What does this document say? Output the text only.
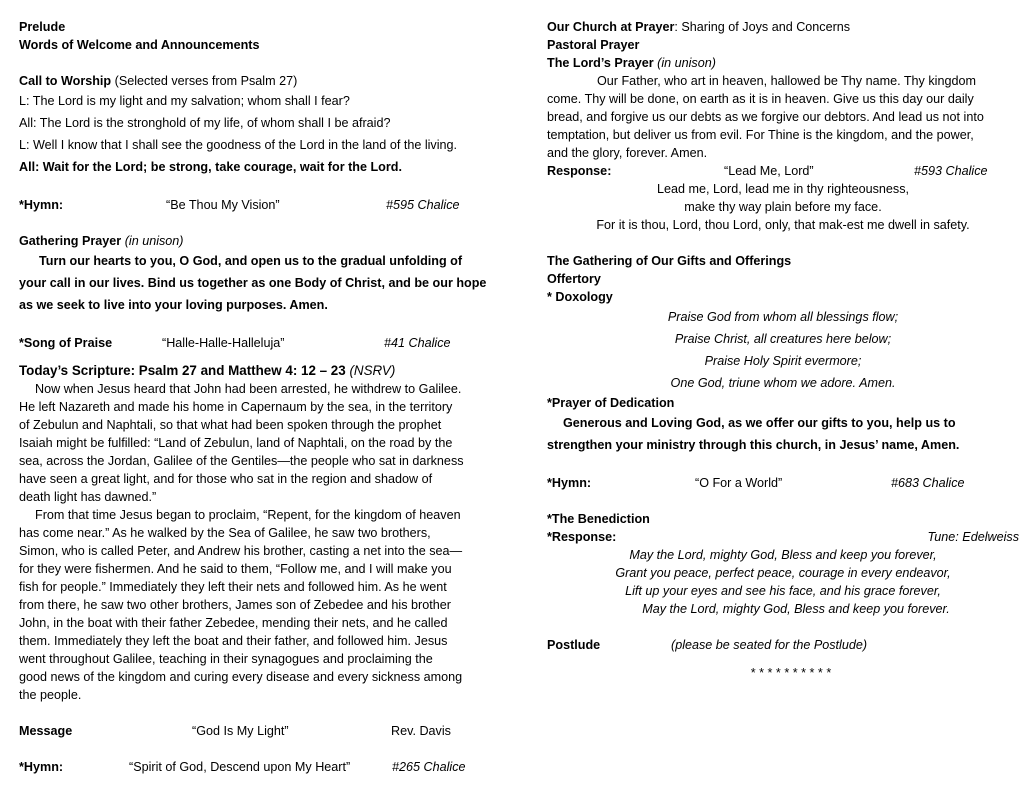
Prelude
Words of Welcome and Announcements
Call to Worship (Selected verses from Psalm 27)
L: The Lord is my light and my salvation; whom shall I fear?
All: The Lord is the stronghold of my life, of whom shall I be afraid?
L: Well I know that I shall see the goodness of the Lord in the land of the living.
All: Wait for the Lord; be strong, take courage, wait for the Lord.
*Hymn:	“Be Thou My Vision”	#595 Chalice
Gathering Prayer (in unison)
Turn our hearts to you, O God, and open us to the gradual unfolding of
your call in our lives. Bind us together as one Body of Christ, and be our hope
as we seek to live into your loving purposes. Amen.
*Song of Praise	“Halle-Halle-Halleluja”	#41 Chalice
Today’s Scripture: Psalm 27 and Matthew 4: 12 – 23 (NSRV)
Now when Jesus heard that John had been arrested, he withdrew to Galilee.
He left Nazareth and made his home in Capernaum by the sea, in the territory
of Zebulun and Naphtali, so that what had been spoken through the prophet
Isaiah might be fulfilled: “Land of Zebulun, land of Naphtali, on the road by the
sea, across the Jordan, Galilee of the Gentiles—the people who sat in darkness
have seen a great light, and for those who sat in the region and shadow of
death light has dawned.”
From that time Jesus began to proclaim, “Repent, for the kingdom of heaven
has come near.” As he walked by the Sea of Galilee, he saw two brothers,
Simon, who is called Peter, and Andrew his brother, casting a net into the sea—
for they were fishermen. And he said to them, “Follow me, and I will make you
fish for people.” Immediately they left their nets and followed him. As he went
from there, he saw two other brothers, James son of Zebedee and his brother
John, in the boat with their father Zebedee, mending their nets, and he called
them. Immediately they left the boat and their father, and followed him. Jesus
went throughout Galilee, teaching in their synagogues and proclaiming the
good news of the kingdom and curing every disease and every sickness among
the people.
Message	“God Is My Light”	Rev. Davis
*Hymn:	“Spirit of God, Descend upon My Heart”	#265 Chalice
Our Church at Prayer: Sharing of Joys and Concerns
Pastoral Prayer
The Lord’s Prayer (in unison)
Our Father, who art in heaven, hallowed be Thy name. Thy kingdom
come. Thy will be done, on earth as it is in heaven. Give us this day our daily
bread, and forgive us our debts as we forgive our debtors. And lead us not into
temptation, but deliver us from evil. For Thine is the kingdom, and the power,
and the glory, forever. Amen.
Response:	“Lead Me, Lord”	#593 Chalice
Lead me, Lord, lead me in thy righteousness,
make thy way plain before my face.
For it is thou, Lord, thou Lord, only, that mak-est me dwell in safety.
The Gathering of Our Gifts and Offerings
Offertory
* Doxology
Praise God from whom all blessings flow;
Praise Christ, all creatures here below;
Praise Holy Spirit evermore;
One God, triune whom we adore. Amen.
*Prayer of Dedication
Generous and Loving God, as we offer our gifts to you, help us to
strengthen your ministry through this church, in Jesus’ name, Amen.
*Hymn:	“O For a World”	#683 Chalice
*The Benediction
*Response:	Tune: Edelweiss
May the Lord, mighty God, Bless and keep you forever,
Grant you peace, perfect peace, courage in every endeavor,
Lift up your eyes and see his face, and his grace forever,
May the Lord, mighty God, Bless and keep you forever.
Postlude	(please be seated for the Postlude)
* * * * * * * * * *
